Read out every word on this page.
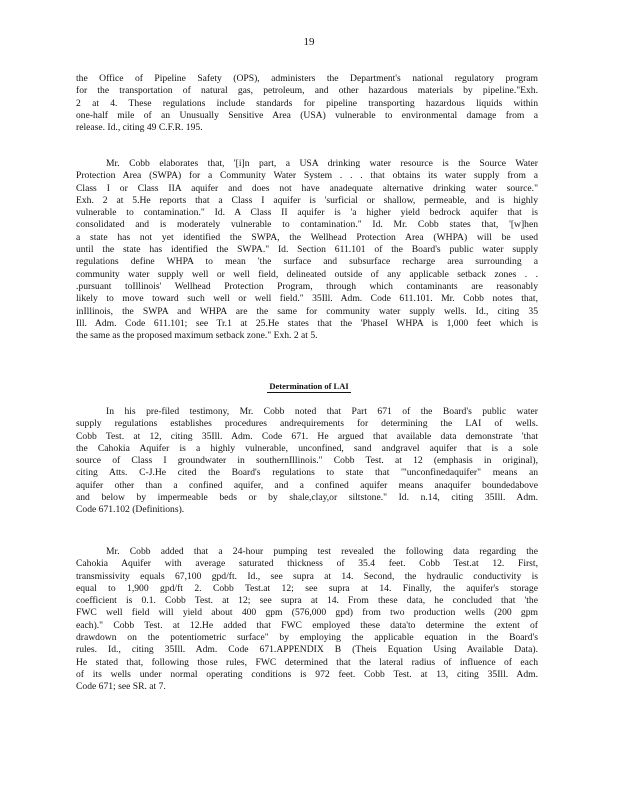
19
the Office of Pipeline Safety (OPS), administers the Department's national regulatory program
for the transportation of natural gas, petroleum, and other hazardous materials by pipeline."Exh.
2 at 4. These regulations include standards for pipeline transporting hazardous liquids within
one-half mile of an Unusually Sensitive Area (USA) vulnerable to environmental damage from a
release. Id., citing 49 C.F.R. 195.
Mr. Cobb elaborates that, '[i]n part, a USA drinking water resource is the Source Water
Protection Area (SWPA) for a Community Water System . . . that obtains its water supply from a
Class I or Class IIA aquifer and does not have anadequate alternative drinking water source."
Exh. 2 at 5.He reports that a Class I aquifer is 'surficial or shallow, permeable, and is highly
vulnerable to contamination." Id. A Class II aquifer is 'a higher yield bedrock aquifer that is
consolidated and is moderately vulnerable to contamination." Id. Mr. Cobb states that, '[w]hen
a state has not yet identified the SWPA, the Wellhead Protection Area (WHPA) will be used
until the state has identified the SWPA." Id. Section 611.101 of the Board's public water supply
regulations define WHPA to mean 'the surface and subsurface recharge area surrounding a
community water supply well or well field, delineated outside of any applicable setback zones . .
.pursuant toIllinois' Wellhead Protection Program, through which contaminants are reasonably
likely to move toward such well or well field." 35Ill. Adm. Code 611.101. Mr. Cobb notes that,
inIllinois, the SWPA and WHPA are the same for community water supply wells. Id., citing 35
Ill. Adm. Code 611.101; see Tr.1 at 25.He states that the 'PhaseI WHPA is 1,000 feet which is
the same as the proposed maximum setback zone." Exh. 2 at 5.
Determination of LAI
In his pre-filed testimony, Mr. Cobb noted that Part 671 of the Board's public water
supply regulations establishes procedures andrequirements for determining the LAI of wells.
Cobb Test. at 12, citing 35Ill. Adm. Code 671. He argued that available data demonstrate 'that
the Cahokia Aquifer is a highly vulnerable, unconfined, sand andgravel aquifer that is a sole
source of Class I groundwater in southernIllinois." Cobb Test. at 12 (emphasis in original),
citing Atts. C-J.He cited the Board's regulations to state that '"unconfinedaquifer" means an
aquifer other than a confined aquifer, and a confined aquifer means anaquifer boundedabove
and below by impermeable beds or by shale,clay,or siltstone." Id. n.14, citing 35Ill. Adm.
Code 671.102 (Definitions).
Mr. Cobb added that a 24-hour pumping test revealed the following data regarding the
Cahokia Aquifer with average saturated thickness of 35.4 feet. Cobb Test.at 12. First,
transmissivity equals 67,100 gpd/ft. Id., see supra at 14. Second, the hydraulic conductivity is
equal to 1,900 gpd/ft 2. Cobb Test.at 12; see supra at 14. Finally, the aquifer's storage
coefficient is 0.1. Cobb Test. at 12; see supra at 14. From these data, he concluded that 'the
FWC well field will yield about 400 gpm (576,000 gpd) from two production wells (200 gpm
each)." Cobb Test. at 12.He added that FWC employed these data'to determine the extent of
drawdown on the potentiometric surface" by employing the applicable equation in the Board's
rules. Id., citing 35Ill. Adm. Code 671.APPENDIX B (Theis Equation Using Available Data).
He stated that, following those rules, FWC determined that the lateral radius of influence of each
of its wells under normal operating conditions is 972 feet. Cobb Test. at 13, citing 35Ill. Adm.
Code 671; see SR. at 7.
